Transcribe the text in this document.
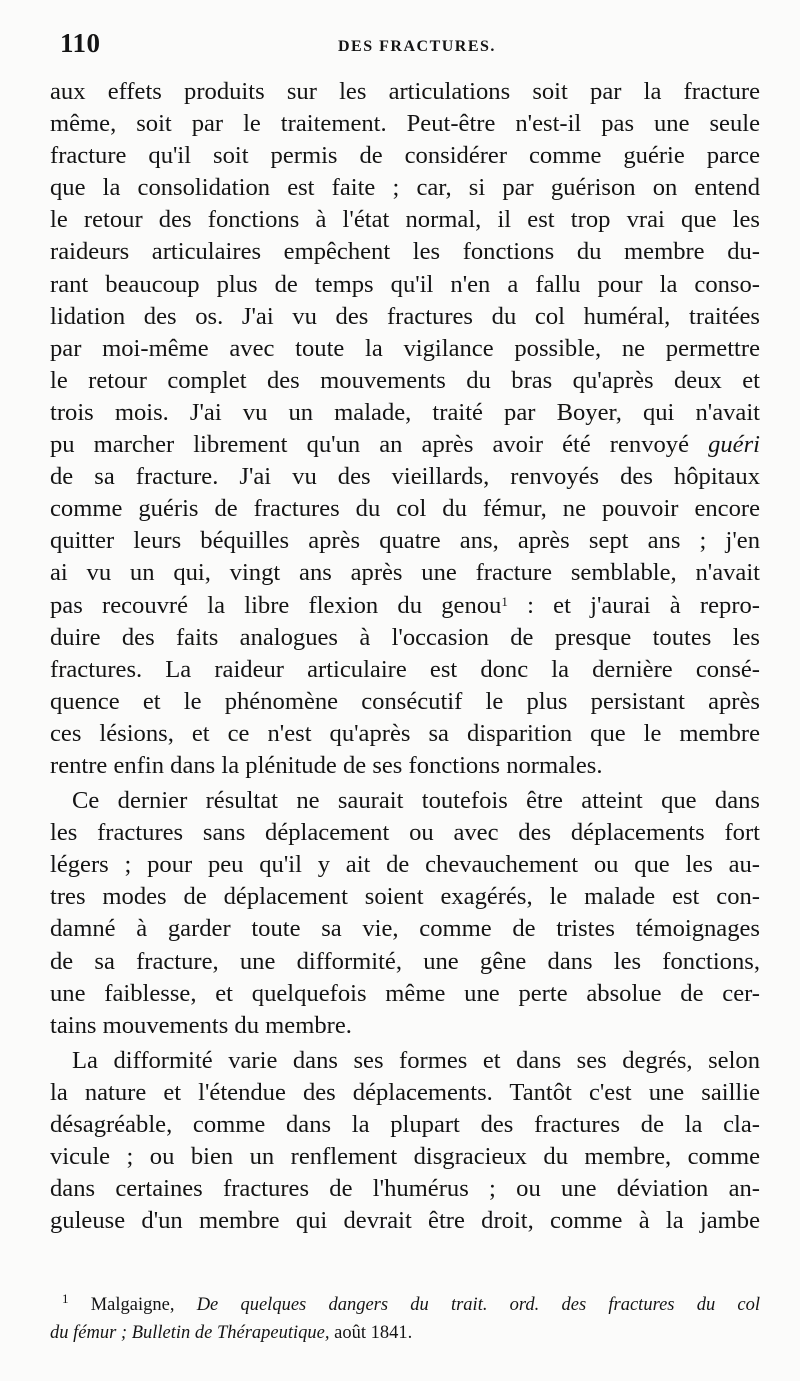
110	DES FRACTURES.
aux effets produits sur les articulations soit par la fracture
même, soit par le traitement. Peut-être n'est-il pas une seule
fracture qu'il soit permis de considérer comme guérie parce
que la consolidation est faite ; car, si par guérison on entend
le retour des fonctions à l'état normal, il est trop vrai que les
raideurs articulaires empêchent les fonctions du membre du-
rant beaucoup plus de temps qu'il n'en a fallu pour la conso-
lidation des os. J'ai vu des fractures du col huméral, traitées
par moi-même avec toute la vigilance possible, ne permettre
le retour complet des mouvements du bras qu'après deux et
trois mois. J'ai vu un malade, traité par Boyer, qui n'avait
pu marcher librement qu'un an après avoir été renvoyé guéri
de sa fracture. J'ai vu des vieillards, renvoyés des hôpitaux
comme guéris de fractures du col du fémur, ne pouvoir encore
quitter leurs béquilles après quatre ans, après sept ans ; j'en
ai vu un qui, vingt ans après une fracture semblable, n'avait
pas recouvré la libre flexion du genou$^1$ : et j'aurai à repro-
duire des faits analogues à l'occasion de presque toutes les
fractures. La raideur articulaire est donc la dernière consé-
quence et le phénomène consécutif le plus persistant après
ces lésions, et ce n'est qu'après sa disparition que le membre
rentre enfin dans la plénitude de ses fonctions normales.
Ce dernier résultat ne saurait toutefois être atteint que dans
les fractures sans déplacement ou avec des déplacements fort
légers ; pour peu qu'il y ait de chevauchement ou que les au-
tres modes de déplacement soient exagérés, le malade est con-
damné à garder toute sa vie, comme de tristes témoignages
de sa fracture, une difformité, une gêne dans les fonctions,
une faiblesse, et quelquefois même une perte absolue de cer-
tains mouvements du membre.
La difformité varie dans ses formes et dans ses degrés, selon
la nature et l'étendue des déplacements. Tantôt c'est une saillie
désagréable, comme dans la plupart des fractures de la cla-
vicule ; ou bien un renflement disgracieux du membre, comme
dans certaines fractures de l'humérus ; ou une déviation an-
guleuse d'un membre qui devrait être droit, comme à la jambe
$^1$ Malgaigne, De quelques dangers du trait. ord. des fractures du col
du fémur ; Bulletin de Thérapeutique, août 1841.
